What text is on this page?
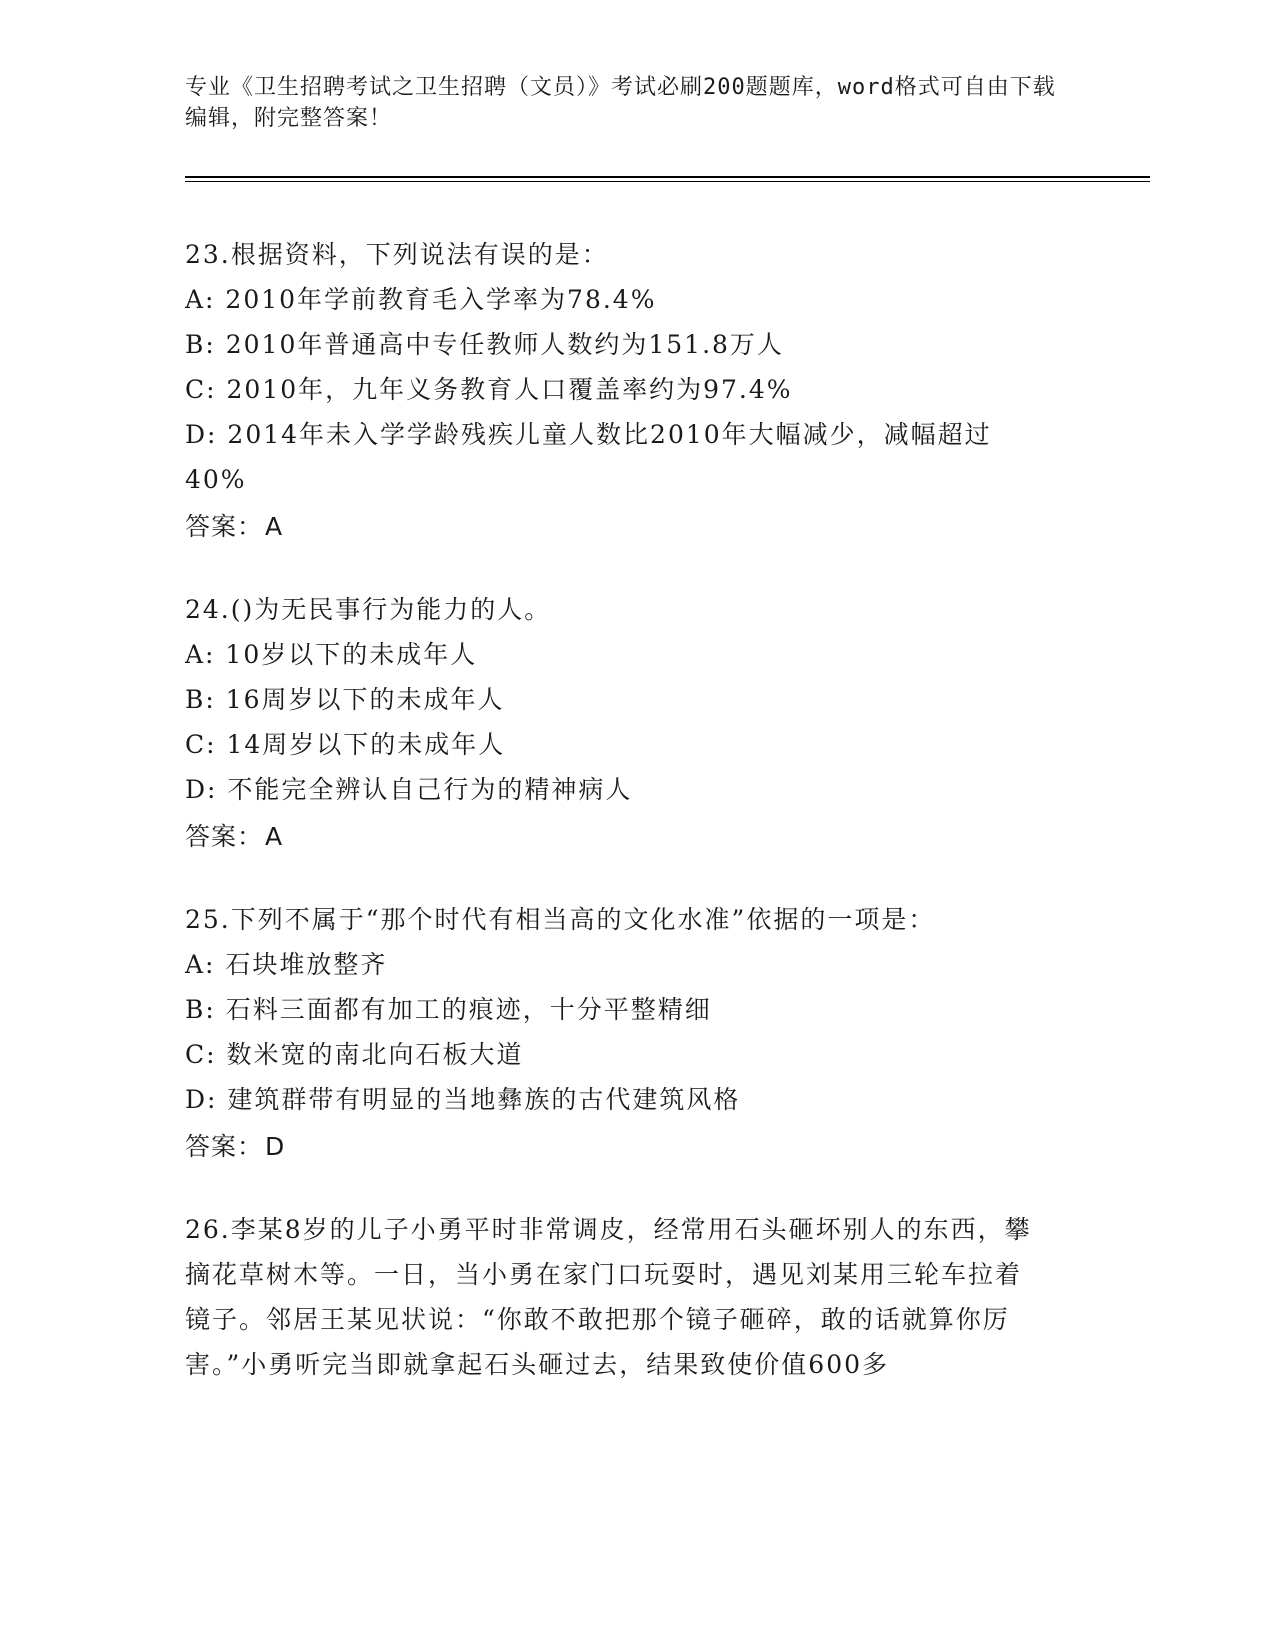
专业《卫生招聘考试之卫生招聘（文员）》考试必刷200题题库，word格式可自由下载编辑，附完整答案！
23.根据资料，下列说法有误的是：
A: 2010年学前教育毛入学率为78.4%
B: 2010年普通高中专任教师人数约为151.8万人
C: 2010年，九年义务教育人口覆盖率约为97.4%
D: 2014年未入学学龄残疾儿童人数比2010年大幅减少，减幅超过40%
答案：A
24.()为无民事行为能力的人。
A: 10岁以下的未成年人
B: 16周岁以下的未成年人
C: 14周岁以下的未成年人
D: 不能完全辨认自己行为的精神病人
答案：A
25.下列不属于“那个时代有相当高的文化水准”依据的一项是：
A: 石块堆放整齐
B: 石料三面都有加工的痕迹，十分平整精细
C: 数米宽的南北向石板大道
D: 建筑群带有明显的当地彝族的古代建筑风格
答案：D
26.李某8岁的儿子小勇平时非常调皮，经常用石头砸坏别人的东西，攀摘花草树木等。一日，当小勇在家门口玩耍时，遇见刘某用三轮车拉着镜子。邻居王某见状说：“你敢不敢把那个镜子砸碎，敢的话就算你厉害。”小勇听完当即就拿起石头砸过去，结果致使价值600多
